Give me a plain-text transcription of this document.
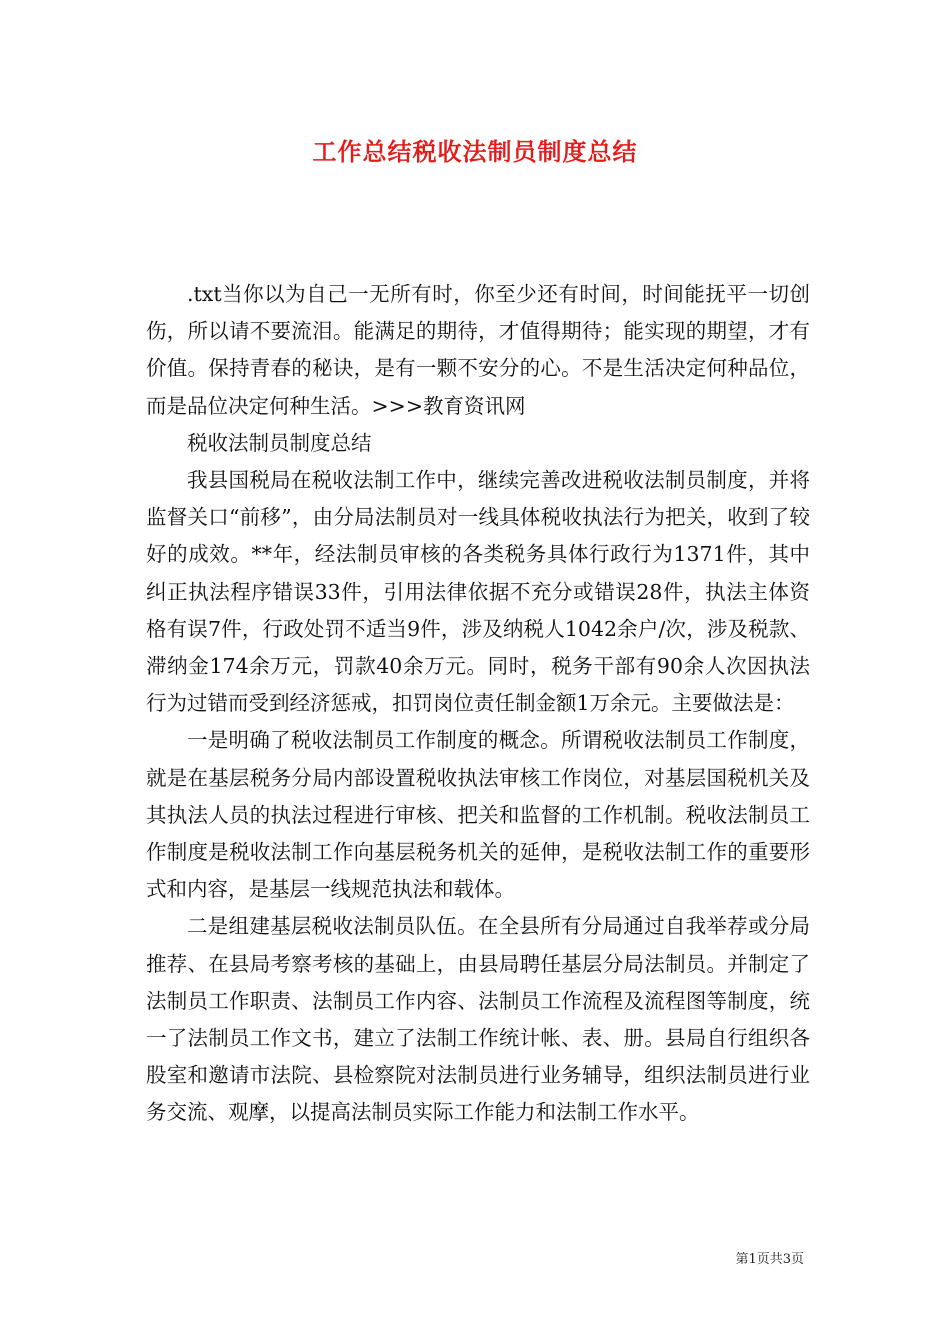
工作总结税收法制员制度总结

.txt当你以为自己一无所有时，你至少还有时间，时间能抚平一切创伤，所以请不要流泪。能满足的期待，才值得期待；能实现的期望，才有价值。保持青春的秘诀，是有一颗不安分的心。不是生活决定何种品位，而是品位决定何种生活。>>>教育资讯网

税收法制员制度总结

我县国税局在税收法制工作中，继续完善改进税收法制员制度，并将监督关口“前移”，由分局法制员对一线具体税收执法行为把关，收到了较好的成效。**年，经法制员审核的各类税务具体行政行为1371件，其中纠正执法程序错误33件，引用法律依据不充分或错误28件，执法主体资格有误7件，行政处罚不适当9件，涉及纳税人1042余户/次，涉及税款、滞纳金174余万元，罚款40余万元。同时，税务干部有90余人次因执法行为过错而受到经济惩戒，扣罚岗位责任制金额1万余元。主要做法是：

一是明确了税收法制员工作制度的概念。所谓税收法制员工作制度，就是在基层税务分局内部设置税收执法审核工作岗位，对基层国税机关及其执法人员的执法过程进行审核、把关和监督的工作机制。税收法制员工作制度是税收法制工作向基层税务机关的延伸，是税收法制工作的重要形式和内容，是基层一线规范执法和载体。

二是组建基层税收法制员队伍。在全县所有分局通过自我举荐或分局推荐、在县局考察考核的基础上，由县局聘任基层分局法制员。并制定了法制员工作职责、法制员工作内容、法制员工作流程及流程图等制度，统一了法制员工作文书，建立了法制工作统计帐、表、册。县局自行组织各股室和邀请市法院、县检察院对法制员进行业务辅导，组织法制员进行业务交流、观摩，以提高法制员实际工作能力和法制工作水平。

第1页共3页
